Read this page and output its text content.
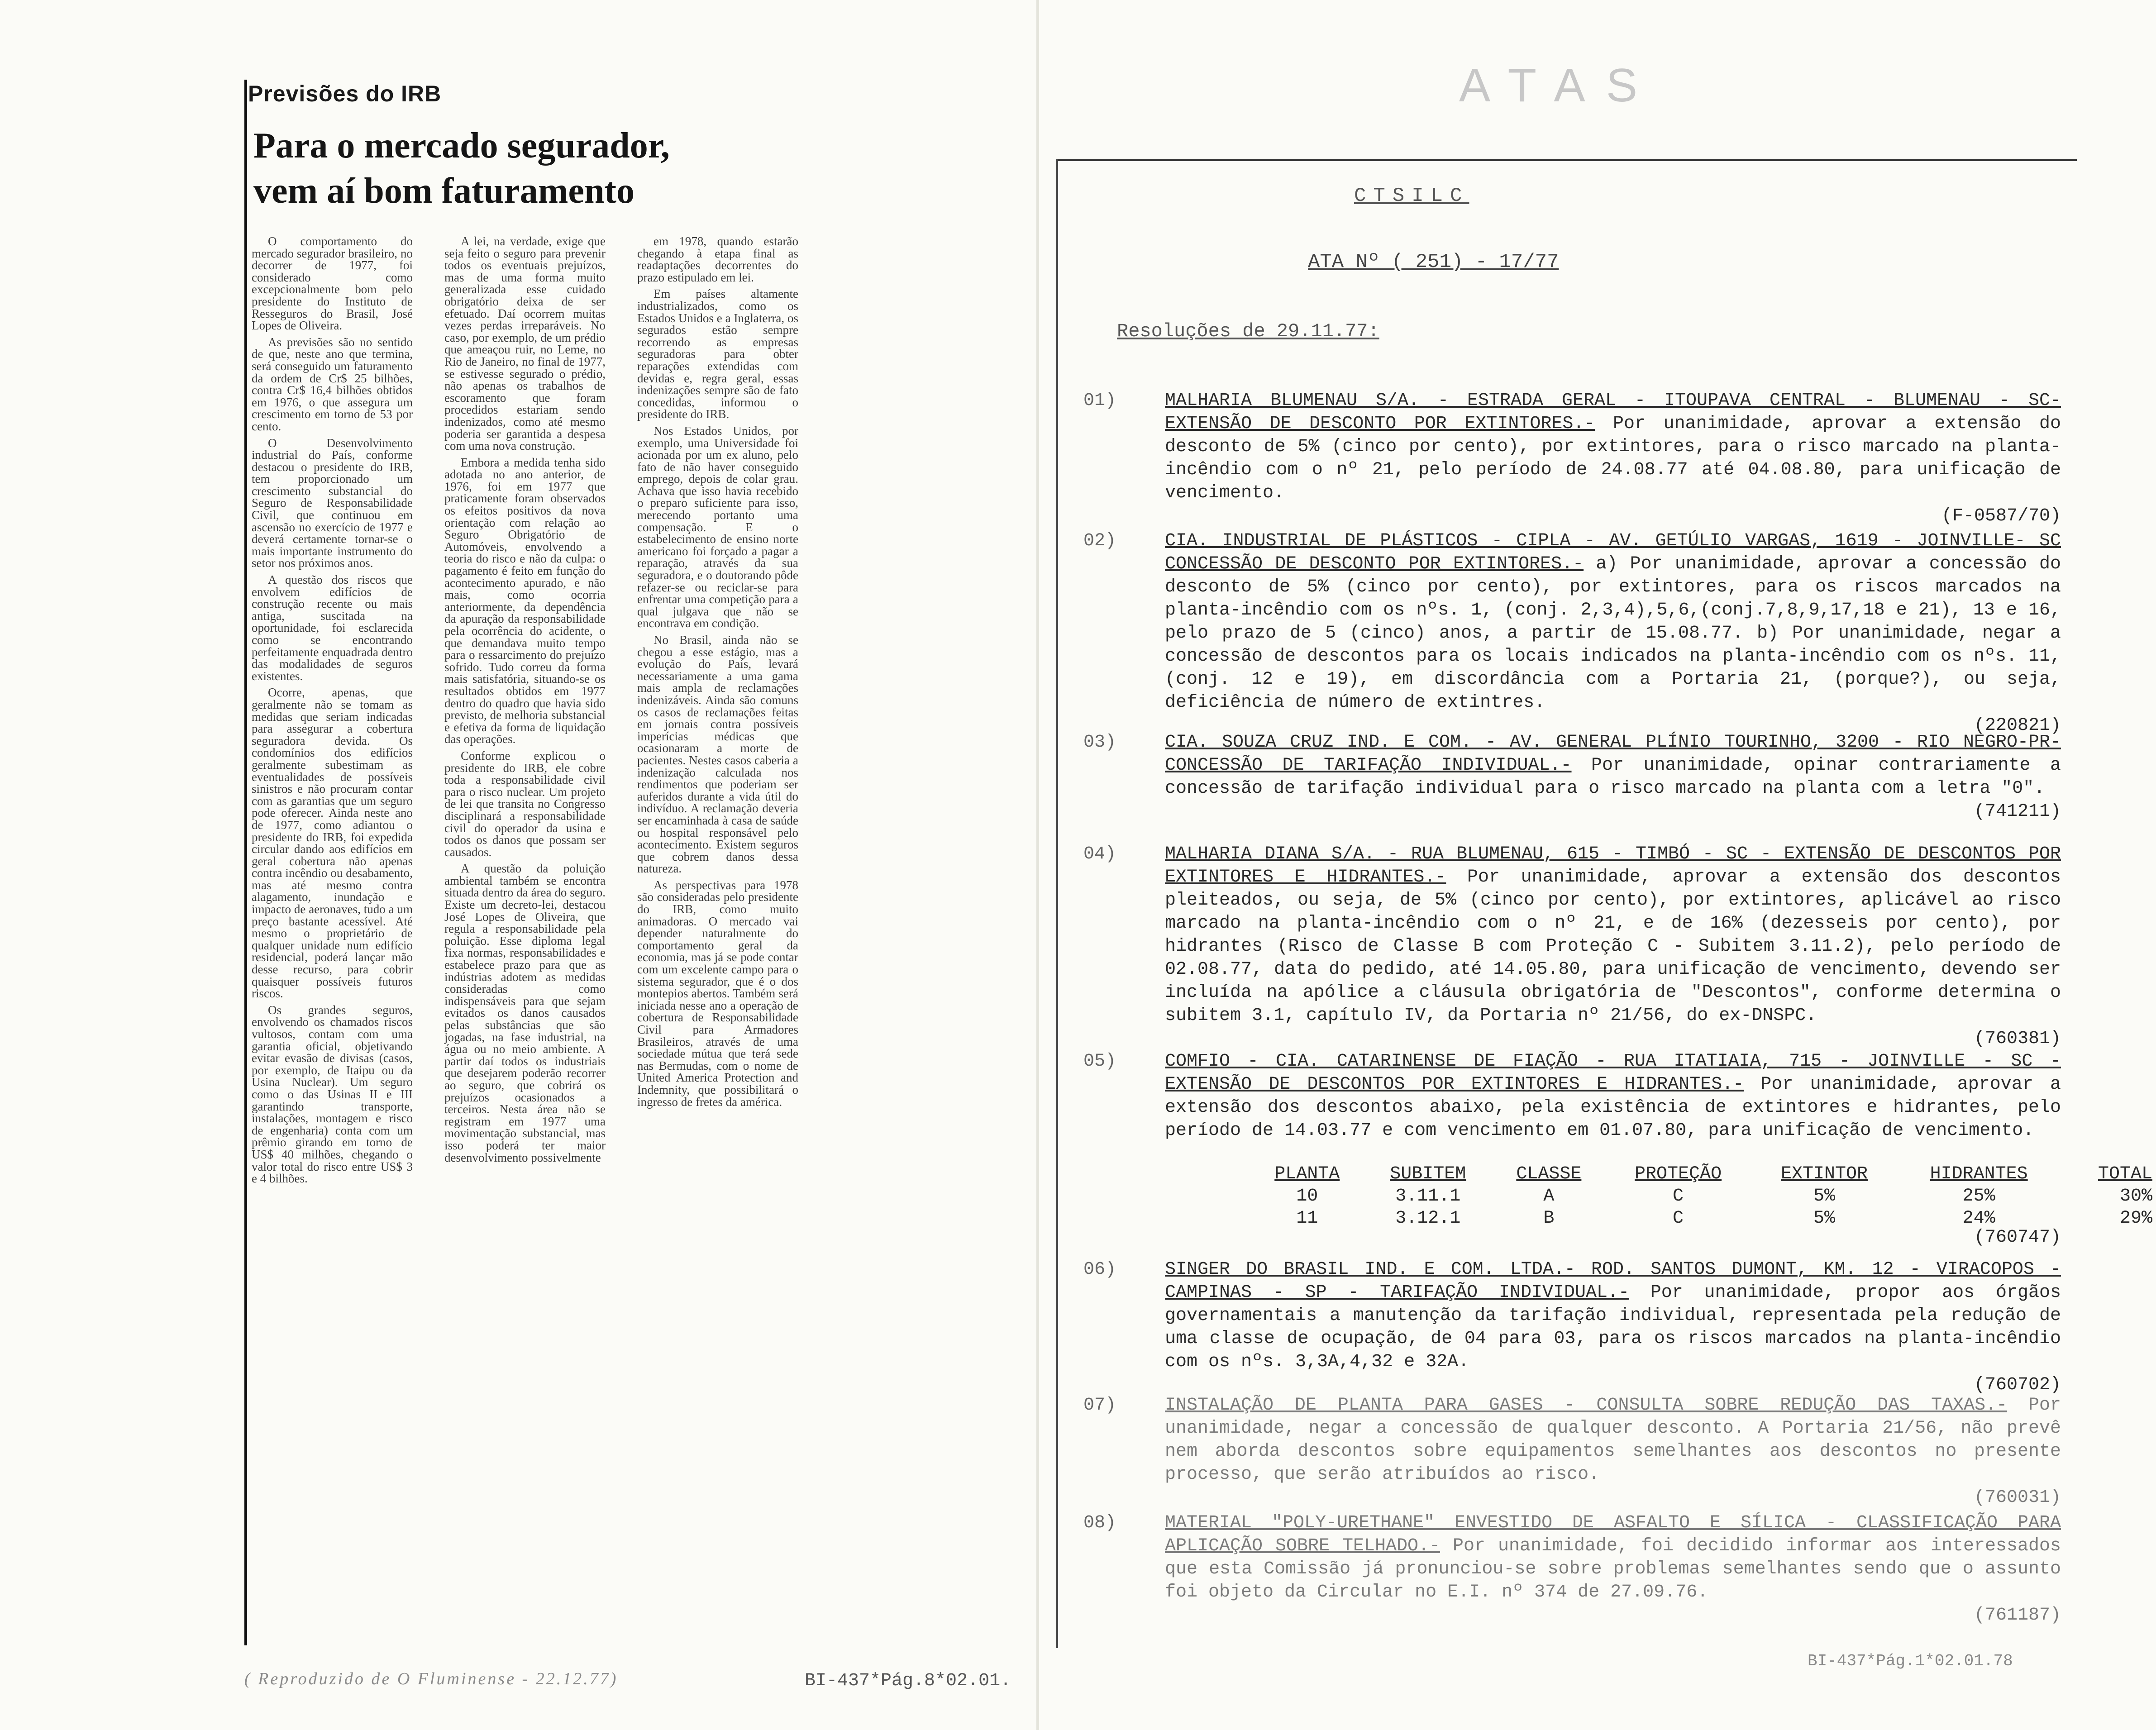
Previsões do IRB
Para o mercado segurador,
vem aí bom faturamento

O comportamento do mercado segurador brasileiro, no decorrer de 1977, foi considerado como excepcionalmente bom pelo presidente do Instituto de Resseguros do Brasil, José Lopes de Oliveira.

As previsões são no sentido de que, neste ano que termina, será conseguido um faturamento da ordem de Cr$ 25 bilhões, contra Cr$ 16,4 bilhões obtidos em 1976, o que assegura um crescimento em torno de 53 por cento.

O Desenvolvimento industrial do País, conforme destacou o presidente do IRB, tem proporcionado um crescimento substancial do Seguro de Responsabilidade Civil, que continuou em ascensão no exercício de 1977 e deverá certamente tornar-se o mais importante instrumento do setor nos próximos anos.

A questão dos riscos que envolvem edifícios de construção recente ou mais antiga, suscitada na oportunidade, foi esclarecida como se encontrando perfeitamente enquadrada dentro das modalidades de seguros existentes.

Ocorre, apenas, que geralmente não se tomam as medidas que seriam indicadas para assegurar a cobertura seguradora devida. Os condomínios dos edifícios geralmente subestimam as eventualidades de possíveis sinistros e não procuram contar com as garantias que um seguro pode oferecer. Ainda neste ano de 1977, como adiantou o presidente do IRB, foi expedida circular dando aos edifícios em geral cobertura não apenas contra incêndio ou desabamento, mas até mesmo contra alagamento, inundação e impacto de aeronaves, tudo a um preço bastante acessível. Até mesmo o proprietário de qualquer unidade num edifício residencial, poderá lançar mão desse recurso, para cobrir quaisquer possíveis futuros riscos.

Os grandes seguros, envolvendo os chamados riscos vultosos, contam com uma garantia oficial, objetivando evitar evasão de divisas (casos, por exemplo, de Itaipu ou da Usina Nuclear). Um seguro como o das Usinas II e III garantindo transporte, instalações, montagem e risco de engenharia) conta com um prêmio girando em torno de US$ 40 milhões, chegando o valor total do risco entre US$ 3 e 4 bilhões.

A lei, na verdade, exige que seja feito o seguro para prevenir todos os eventuais prejuízos, mas de uma forma muito generalizada esse cuidado obrigatório deixa de ser efetuado. Daí ocorrem muitas vezes perdas irreparáveis. No caso, por exemplo, de um prédio que ameaçou ruir, no Leme, no Rio de Janeiro, no final de 1977, se estivesse segurado o prédio, não apenas os trabalhos de escoramento que foram procedidos estariam sendo indenizados, como até mesmo poderia ser garantida a despesa com uma nova construção.

Embora a medida tenha sido adotada no ano anterior, de 1976, foi em 1977 que praticamente foram observados os efeitos positivos da nova orientação com relação ao Seguro Obrigatório de Automóveis, envolvendo a teoria do risco e não da culpa: o pagamento é feito em função do acontecimento apurado, e não mais, como ocorria anteriormente, da dependência da apuração da responsabilidade pela ocorrência do acidente, o que demandava muito tempo para o ressarcimento do prejuízo sofrido. Tudo correu da forma mais satisfatória, situando-se os resultados obtidos em 1977 dentro do quadro que havia sido previsto, de melhoria substancial e efetiva da forma de liquidação das operações.

Conforme explicou o presidente do IRB, ele cobre toda a responsabilidade civil para o risco nuclear. Um projeto de lei que transita no Congresso disciplinará a responsabilidade civil do operador da usina e todos os danos que possam ser causados.

A questão da poluição ambiental também se encontra situada dentro da área do seguro. Existe um decreto-lei, destacou José Lopes de Oliveira, que regula a responsabilidade pela poluição. Esse diploma legal fixa normas, responsabilidades e estabelece prazo para que as indústrias adotem as medidas consideradas como indispensáveis para que sejam evitados os danos causados pelas substâncias que são jogadas, na fase industrial, na água ou no meio ambiente. A partir daí todos os industriais que desejarem poderão recorrer ao seguro, que cobrirá os prejuízos ocasionados a terceiros. Nesta área não se registram em 1977 uma movimentação substancial, mas isso poderá ter maior desenvolvimento possivelmente

em 1978, quando estarão chegando à etapa final as readaptações decorrentes do prazo estipulado em lei.

Em países altamente industrializados, como os Estados Unidos e a Inglaterra, os segurados estão sempre recorrendo as empresas seguradoras para obter reparações extendidas com devidas e, regra geral, essas indenizações sempre são de fato concedidas, informou o presidente do IRB.

Nos Estados Unidos, por exemplo, uma Universidade foi acionada por um ex aluno, pelo fato de não haver conseguido emprego, depois de colar grau. Achava que isso havia recebido o preparo suficiente para isso, merecendo portanto uma compensação. E o estabelecimento de ensino norte americano foi forçado a pagar a reparação, através da sua seguradora, e o doutorando pôde refazer-se ou reciclar-se para enfrentar uma competição para a qual julgava que não se encontrava em condição.

No Brasil, ainda não se chegou a esse estágio, mas a evolução do País, levará necessariamente a uma gama mais ampla de reclamações indenizáveis. Ainda são comuns os casos de reclamações feitas em jornais contra possíveis imperícias médicas que ocasionaram a morte de pacientes. Nestes casos caberia a indenização calculada nos rendimentos que poderiam ser auferidos durante a vida útil do indivíduo. A reclamação deveria ser encaminhada à casa de saúde ou hospital responsável pelo acontecimento. Existem seguros que cobrem danos dessa natureza.

As perspectivas para 1978 são consideradas pelo presidente do IRB, como muito animadoras. O mercado vai depender naturalmente do comportamento geral da economia, mas já se pode contar com um excelente campo para o sistema segurador, que é o dos montepios abertos. Também será iniciada nesse ano a operação de cobertura de Responsabilidade Civil para Armadores Brasileiros, através de uma sociedade mútua que terá sede nas Bermudas, com o nome de United America Protection and Indemnity, que possibilitará o ingresso de fretes da américa.

( Reproduzido de O Fluminense - 22.12.77)	BI-437*Pág.8*02.01.
ATAS
CTSILC
ATA Nº ( 251) - 17/77
Resoluções de 29.11.77:
01)	MALHARIA BLUMENAU S/A. - ESTRADA GERAL - ITOUPAVA CENTRAL - BLUMENAU - SC- EXTENSÃO DE DESCONTO POR EXTINTORES.- Por unanimidade, aprovar a extensão do desconto de 5% (cinco por cento), por extintores, para o risco marcado na planta-incêndio com o nº 21, pelo período de 24.08.77 até 04.08.80, para unificação de vencimento.
(F-0587/70)
02)	CIA. INDUSTRIAL DE PLÁSTICOS - CIPLA - AV. GETÚLIO VARGAS, 1619 - JOINVILLE- SC CONCESSÃO DE DESCONTO POR EXTINTORES.- a) Por unanimidade, aprovar a concessão do desconto de 5% (cinco por cento), por extintores, para os riscos marcados na planta-incêndio com os nºs. 1, (conj. 2,3,4),5,6,(conj.7,8,9,17,18 e 21), 13 e 16, pelo prazo de 5 (cinco) anos, a partir de 15.08.77. b) Por unanimidade, negar a concessão de descontos para os locais indicados na planta-incêndio com os nºs. 11, (conj. 12 e 19), em discordância com a Portaria 21, (porque?), ou seja, deficiência de número de extintres.
(220821)
03)	CIA. SOUZA CRUZ IND. E COM. - AV. GENERAL PLÍNIO TOURINHO, 3200 - RIO NEGRO-PR- CONCESSÃO DE TARIFAÇÃO INDIVIDUAL.- Por unanimidade, opinar contrariamente a concessão de tarifação individual para o risco marcado na planta com a letra "0".
(741211)
04)	MALHARIA DIANA S/A. - RUA BLUMENAU, 615 - TIMBÓ - SC - EXTENSÃO DE DESCONTOS POR EXTINTORES E HIDRANTES.- Por unanimidade, aprovar a extensão dos descontos pleiteados, ou seja, de 5% (cinco por cento), por extintores, aplicável ao risco marcado na planta-incêndio com o nº 21, e de 16% (dezesseis por cento), por hidrantes (Risco de Classe B com Proteção C - Subitem 3.11.2), pelo período de 02.08.77, data do pedido, até 14.05.80, para unificação de vencimento, devendo ser incluída na apólice a cláusula obrigatória de "Descontos", conforme determina o subitem 3.1, capítulo IV, da Portaria nº 21/56, do ex-DNSPC.
(760381)
05)	COMFIO - CIA. CATARINENSE DE FIAÇÃO - RUA ITATIAIA, 715 - JOINVILLE - SC - EXTENSÃO DE DESCONTOS POR EXTINTORES E HIDRANTES.- Por unanimidade, aprovar a extensão dos descontos abaixo, pela existência de extintores e hidrantes, pelo período de 14.03.77 e com vencimento em 01.07.80, para unificação de vencimento.
(760747)
06)	SINGER DO BRASIL IND. E COM. LTDA.- ROD. SANTOS DUMONT, KM. 12 - VIRACOPOS -CAMPINAS - SP - TARIFAÇÃO INDIVIDUAL.- Por unanimidade, propor aos órgãos governamentais a manutenção da tarifação individual, representada pela redução de uma classe de ocupação, de 04 para 03, para os riscos marcados na planta-incêndio com os nºs. 3,3A,4,32 e 32A.
(760702)
07)	INSTALAÇÃO DE PLANTA PARA GASES - CONSULTA SOBRE REDUÇÃO DAS TAXAS.- Por unanimidade, negar a concessão de qualquer desconto. A Portaria 21/56, não prevê nem aborda descontos sobre equipamentos semelhantes aos descontos no presente processo, que serão atribuídos ao risco.
(760031)
08)	MATERIAL "POLY-URETHANE" ENVESTIDO DE ASFALTO E SÍLICA - CLASSIFICAÇÃO PARA APLICAÇÃO SOBRE TELHADO.- Por unanimidade, foi decidido informar aos interessados que esta Comissão já pronunciou-se sobre problemas semelhantes sendo que o assunto foi objeto da Circular no E.I. nº 374 de 27.09.76.
(761187)
PLANTA	SUBITEM	CLASSE	PROTEÇÃO	EXTINTOR	HIDRANTES	TOTAL
10	3.11.1	A	C	5%	25%	30%
11	3.12.1	B	C	5%	24%	29%
BI-437*Pág.1*02.01.78
